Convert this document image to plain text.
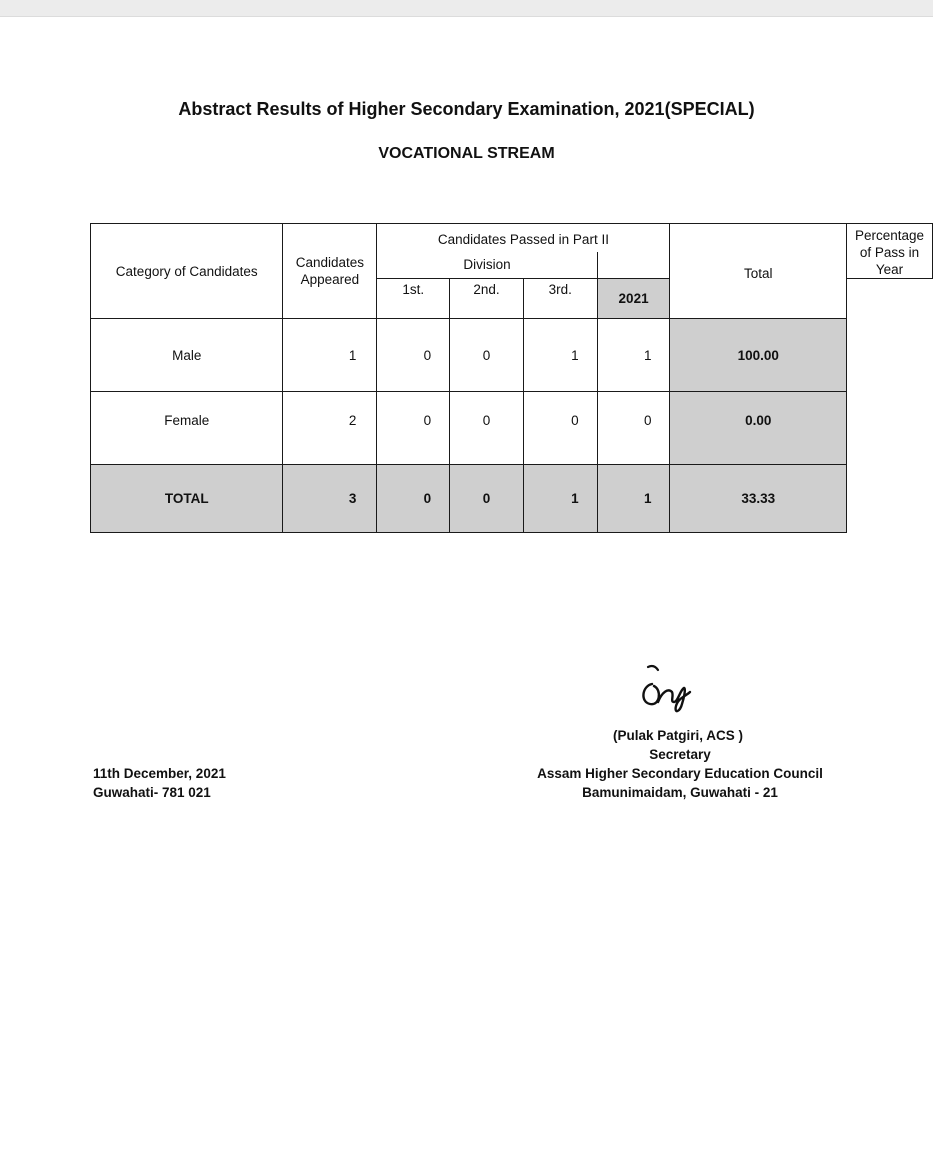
Abstract Results of Higher Secondary Examination, 2021(SPECIAL)
VOCATIONAL STREAM
Category of Candidates	Candidates Appeared	Candidates Passed in Part II				Total	Percentage of Pass in Year
		Division					
		1st.	2nd.	3rd.	2021		
Male	1	0	0	1	1	100.00	
Female	2	0	0	0	0	0.00	
TOTAL	3	0	0	1	1	33.33	
11th December, 2021
Guwahati- 781 021
(Pulak Patgiri, ACS )
Secretary
Assam Higher Secondary Education Council
Bamunimaidam, Guwahati - 21
